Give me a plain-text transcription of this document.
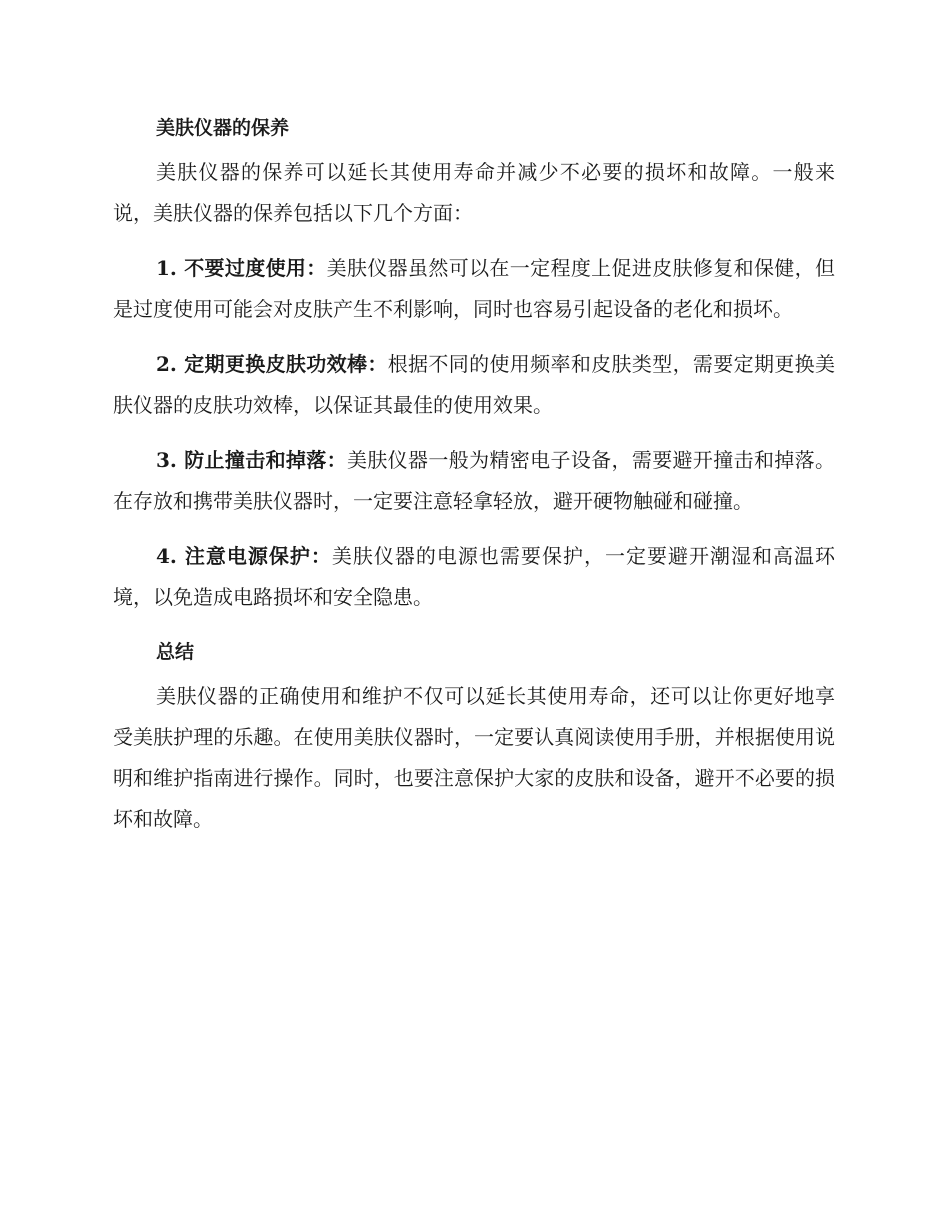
美肤仪器的保养

美肤仪器的保养可以延长其使用寿命并减少不必要的损坏和故障。一般来说，美肤仪器的保养包括以下几个方面：

1. 不要过度使用：美肤仪器虽然可以在一定程度上促进皮肤修复和保健，但是过度使用可能会对皮肤产生不利影响，同时也容易引起设备的老化和损坏。

2. 定期更换皮肤功效棒：根据不同的使用频率和皮肤类型，需要定期更换美肤仪器的皮肤功效棒，以保证其最佳的使用效果。

3. 防止撞击和掉落：美肤仪器一般为精密电子设备，需要避开撞击和掉落。在存放和携带美肤仪器时，一定要注意轻拿轻放，避开硬物触碰和碰撞。

4. 注意电源保护：美肤仪器的电源也需要保护，一定要避开潮湿和高温环境，以免造成电路损坏和安全隐患。

总结

美肤仪器的正确使用和维护不仅可以延长其使用寿命，还可以让你更好地享受美肤护理的乐趣。在使用美肤仪器时，一定要认真阅读使用手册，并根据使用说明和维护指南进行操作。同时，也要注意保护大家的皮肤和设备，避开不必要的损坏和故障。
